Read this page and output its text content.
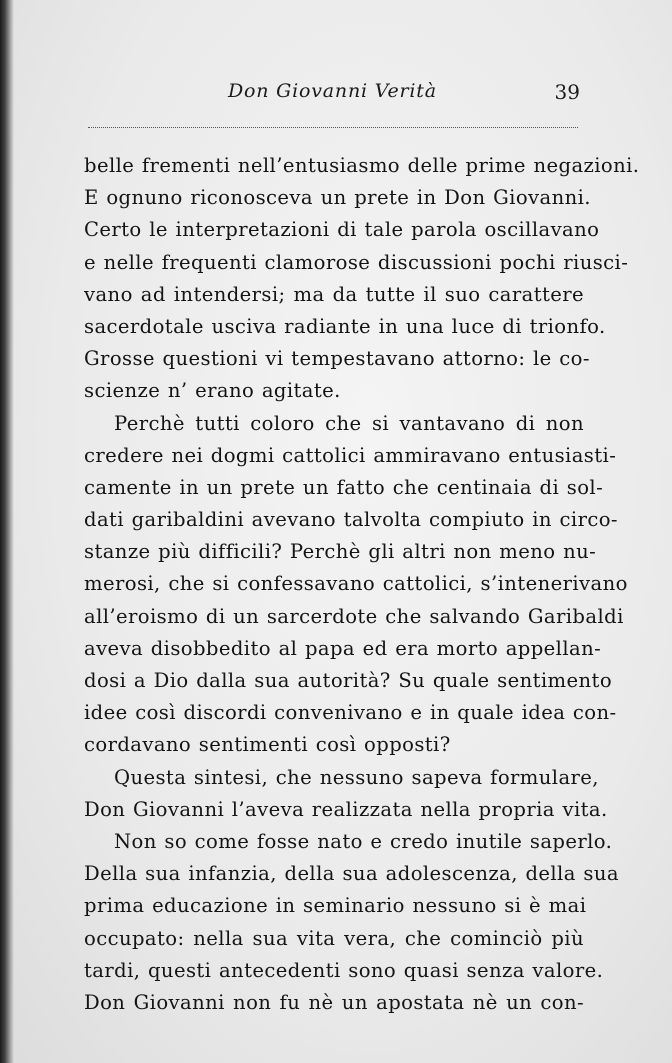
Don Giovanni Verità	39
belle frementi nell’entusiasmo delle prime negazioni.
E ognuno riconosceva un prete in Don Giovanni.
Certo le interpretazioni di tale parola oscillavano
e nelle frequenti clamorose discussioni pochi riusci-
vano ad intendersi; ma da tutte il suo carattere
sacerdotale usciva radiante in una luce di trionfo.
Grosse questioni vi tempestavano attorno: le co-
scienze n’ erano agitate.
Perchè tutti coloro che si vantavano di non
credere nei dogmi cattolici ammiravano entusiasti-
camente in un prete un fatto che centinaia di sol-
dati garibaldini avevano talvolta compiuto in circo-
stanze più difficili? Perchè gli altri non meno nu-
merosi, che si confessavano cattolici, s’intenerivano
all’eroismo di un sarcerdote che salvando Garibaldi
aveva disobbedito al papa ed era morto appellan-
dosi a Dio dalla sua autorità? Su quale sentimento
idee così discordi convenivano e in quale idea con-
cordavano sentimenti così opposti?
Questa sintesi, che nessuno sapeva formulare,
Don Giovanni l’aveva realizzata nella propria vita.
Non so come fosse nato e credo inutile saperlo.
Della sua infanzia, della sua adolescenza, della sua
prima educazione in seminario nessuno si è mai
occupato: nella sua vita vera, che cominciò più
tardi, questi antecedenti sono quasi senza valore.
Don Giovanni non fu nè un apostata nè un con-
